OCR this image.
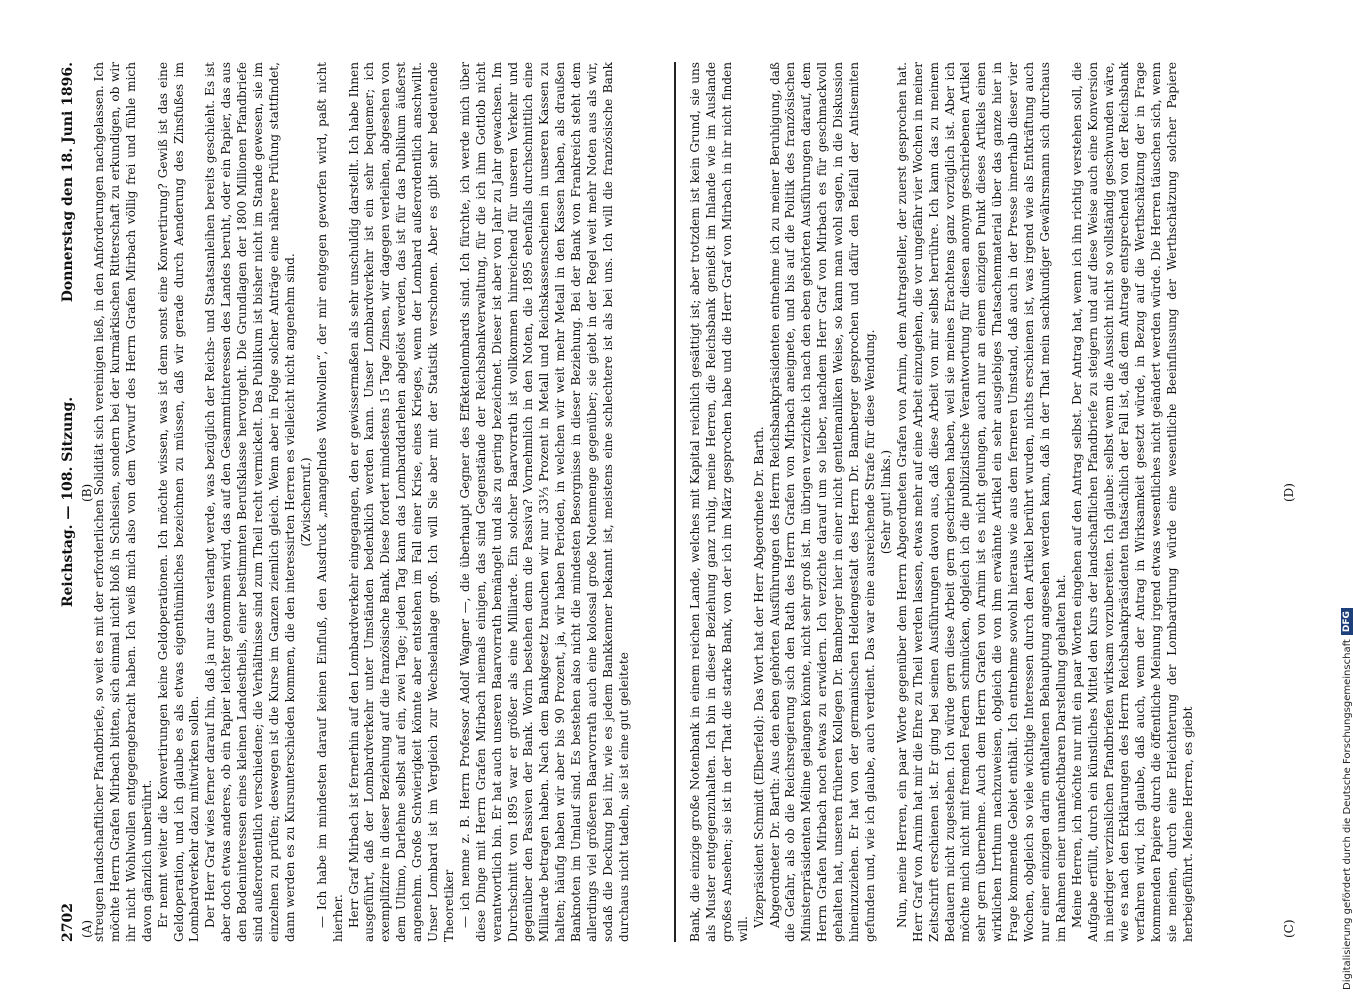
2702
Reichstag. — 108. Sitzung.
Donnerstag den 18. Juni 1896.
(A)
(B)
(C)
(D)

streugen landschaftlicher Pfandbriefe, so weit es mit der erforderlichen Solidität sich vereinigen ließ, in den Anforderungen nachgelassen. Ich möchte Herrn Grafen Mirbach bitten, sich einmal nicht bloß in Schlesien, sondern bei der kurmärkischen Ritterschaft zu erkundigen, ob wir ihr nicht Wohlwollen entgegengebracht haben. Ich weiß mich also von dem Vorwurf des Herrn Grafen Mirbach völlig frei und fühle mich davon gänzlich unberührt. Er nennt weiter die Konvertirungen keine Geldoperationen. Ich möchte wissen, was ist denn sonst eine Konvertirung? Gewiß ist das eine Geldoperation, und ich glaube es als etwas eigenthümliches bezeichnen zu müssen, daß wir gerade durch Aenderung des Zinsfußes im Lombardverkehr dazu mitwirken sollen. Der Herr Graf wies ferner darauf hin, daß ja nur das verlangt werde, was bezüglich der Reichs- und Staatsanleihen bereits geschieht. Es ist aber doch etwas anderes, ob ein Papier leichter genommen wird, das auf den Gesammtinteressen des Landes beruht, oder ein Papier, das aus den Bodeninteressen eines kleinen Landestheils, einer bestimmten Berufsklasse hervorgeht. Die Grundlagen der 1800 Millionen Pfandbriefe sind außerordentlich verschiedene; die Verhältnisse sind zum Theil recht vermickelt. Das Publikum ist bisher nicht im Stande gewesen, sie im einzelnen zu prüfen; deswegen ist die Kurse im Ganzen ziemlich gleich. Wenn aber in Folge solcher Anträge eine nähere Prüfung stattfindet, dann werden es zu Kursunterschieden kommen, die den interessirten Herren es vielleicht nicht angenehm sind. (Zwischenruf.) — Ich habe im mindesten darauf keinen Einfluß, den Ausdruck „mangelndes Wohlwollen“, der mir entgegen geworfen wird, paßt nicht hierher. Herr Graf Mirbach ist fernerhin auf den Lombardverkehr eingegangen, den er gewissermaßen als sehr unschuldig darstellt. Ich habe Ihnen ausgeführt, daß der Lombardverkehr unter Umständen bedenklich werden kann. Unser Lombardverkehr ist ein sehr bequemer; ich exemplifizire in dieser Beziehung auf die französische Bank. Diese fordert mindestens 15 Tage Zinsen, wir dagegen verleihen, abgesehen von dem Ultimo, Darlehne selbst auf ein, zwei Tage; jeden Tag kann das Lombarddarlehen abgelöst werden, das ist für das Publikum äußerst angenehm. Große Schwierigkeit könnte aber entstehen im Fall einer Krise, eines Krieges, wenn der Lombard außerordentlich anschwillt. Unser Lombard ist im Vergleich zur Wechselanlage groß. Ich will Sie aber mit der Statistik verschonen. Aber es gibt sehr bedeutende Theoretiker — ich nenne z. B. Herrn Professor Adolf Wagner —, die überhaupt Gegner des Effektenlombards sind. Ich fürchte, ich werde mich über diese Dinge mit Herrn Grafen Mirbach niemals einigen, das sind Gegenstände der Reichsbankverwaltung, für die ich ihm Gottlob nicht verantwortlich bin. Er hat auch unseren Baarvorrath bemängelt und als zu gering bezeichnet. Dieser ist aber von Jahr zu Jahr gewachsen. Im Durchschnitt von 1895 war er größer als eine Milliarde. Ein solcher Baarvorrath ist vollkommen hinreichend für unseren Verkehr und gegenüber den Passiven der Bank. Worin bestehen denn die Passiva? Vornehmlich in den Noten, die 1895 ebenfalls durchschnittlich eine Milliarde betragen haben. Nach dem Bankgesetz brauchen wir nur 33⅓ Prozent in Metall und Reichskassenscheinen in unseren Kassen zu halten; häufig haben wir aber bis 90 Prozent, ja, wir haben Perioden, in welchen wir weit mehr Metall in den Kassen haben, als draußen Banknoten im Umlauf sind. Es bestehen also nicht die mindesten Besorgnisse in dieser Beziehung. Bei der Bank von Frankreich steht dem allerdings viel größeren Baarvorrath auch eine kolossal große Notenmenge gegenüber; sie giebt in der Regel weit mehr Noten aus als wir, sodaß die Deckung bei ihr, wie es jedem Bankkenner bekannt ist, meistens eine schlechtere ist als bei uns. Ich will die französische Bank durchaus nicht tadeln, sie ist eine gut geleitete	Bank, die einzige große Notenbank in einem reichen Lande, welches mit Kapital reichlich gesättigt ist; aber trotzdem ist kein Grund, sie uns als Muster entgegenzuhalten. Ich bin in dieser Beziehung ganz ruhig, meine Herren, die Reichsbank genießt im Inlande wie im Auslande großes Ansehen; sie ist in der That die starke Bank, von der ich im März gesprochen habe und die Herr Graf von Mirbach in ihr nicht finden will.

Vizepräsident Schmidt (Elberfeld): Das Wort hat der Herr Abgeordnete Dr. Barth. Abgeordneter Dr. Barth: Aus den eben gehörten Ausführungen des Herrn Reichsbankpräsidenten entnehme ich zu meiner Beruhigung, daß die Gefahr, als ob die Reichsregierung sich den Rath des Herrn Grafen von Mirbach aneignete, und bis auf die Politik des französischen Ministerpräsidenten Méline gelangen könnte, nicht sehr groß ist. Im übrigen verzichte ich nach den eben gehörten Ausführungen darauf, dem Herrn Grafen Mirbach noch etwas zu erwidern. Ich verzichte darauf um so lieber, nachdem Herr Graf von Mirbach es für geschmackvoll gehalten hat, unseren früheren Kollegen Dr. Bamberger hier in einer nicht gentlemanliken Weise, so kann man wohl sagen, in die Diskussion hineinzuziehen. Er hat von der germanischen Heldengestalt des Herrn Dr. Bamberger gesprochen und dafür den Beifall der Antisemiten gefunden und, wie ich glaube, auch verdient. Das war eine ausreichende Strafe für diese Wendung. (Sehr gut! links.) Nun, meine Herren, ein paar Worte gegenüber dem Herrn Abgeordneten Grafen von Arnim, dem Antragsteller, der zuerst gesprochen hat. Herr Graf von Arnim hat mir die Ehre zu Theil werden lassen, etwas mehr auf eine Arbeit einzugehen, die vor ungefähr vier Wochen in meiner Zeitschrift erschienen ist. Er ging bei seinen Ausführungen davon aus, daß diese Arbeit von mir selbst herrühre. Ich kann das zu meinem Bedauern nicht zugestehen. Ich würde gern diese Arbeit gern geschrieben haben, weil sie meines Erachtens ganz vorzüglich ist. Aber ich möchte mich nicht mit fremden Federn schmücken, obgleich ich die publizistische Verantwortung für diesen anonym geschriebenen Artikel sehr gern übernehme. Auch dem Herrn Grafen von Arnim ist es nicht gelungen, auch nur an einem einzigen Punkt dieses Artikels einen wirklichen Irrthum nachzuweisen, obgleich die von ihm erwähnte Artikel ein sehr ausgiebiges Thatsachenmaterial über das ganze hier in Frage kommende Gebiet enthält. Ich entnehme sowohl hieraus wie aus dem ferneren Umstand, daß auch in der Presse innerhalb dieser vier Wochen, obgleich so viele wichtige Interessen durch den Artikel berührt wurden, nichts erschienen ist, was irgend wie als Entkräftung auch nur einer einzigen darin enthaltenen Behauptung angesehen werden kann, daß in der That mein sachkundiger Gewährsmann sich durchaus im Rahmen einer unanfechtbaren Darstellung gehalten hat. Meine Herren, ich möchte nur mit ein paar Worten eingehen auf den Antrag selbst. Der Antrag hat, wenn ich ihn richtig verstehen soll, die Aufgabe erfüllt, durch ein künstliches Mittel den Kurs der landschaftlichen Pfandbriefe zu steigern und auf diese Weise auch eine Konversion in niedriger verzinslichen Pfandbriefen wirksam vorzubereiten. Ich glaube: selbst wenn die Aussicht nicht so vollständig geschwunden wäre, wie es nach den Erklärungen des Herrn Reichsbankpräsidenten thatsächlich der Fall ist, daß dem Antrage entsprechend von der Reichsbank verfahren wird, ich glaube, daß auch, wenn der Antrag in Wirksamkeit gesetzt würde, in Bezug auf die Werthschätzung der in Frage kommenden Papiere durch die öffentliche Meinung irgend etwas wesentliches nicht geändert werden würde. Die Herren täuschen sich, wenn sie meinen, durch eine Erleichterung der Lombardirung würde eine wesentliche Beeinflussung der Werthschätzung solcher Papiere herbeigeführt. Meine Herren, es giebt	Digitalisierung gefördert durch die Deutsche Forschungsgemeinschaft
DFG
